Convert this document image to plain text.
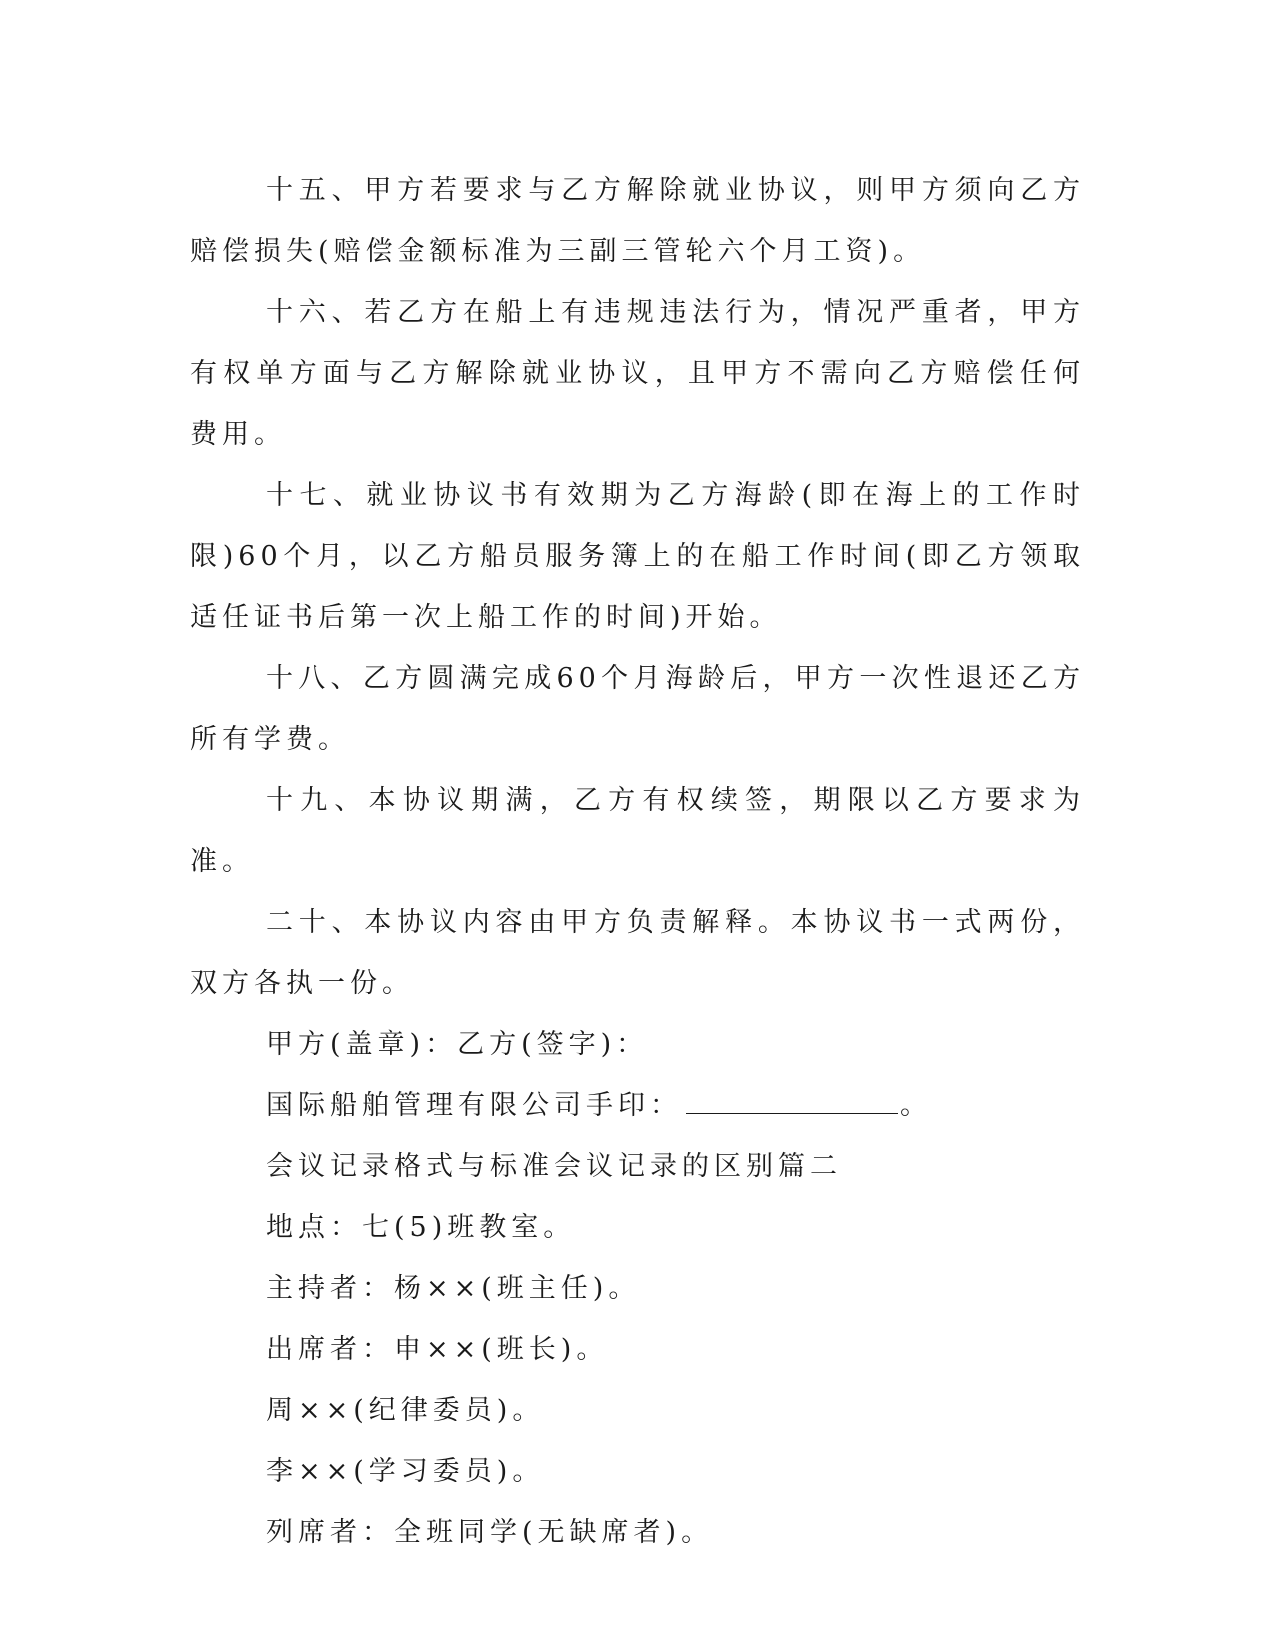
十五、甲方若要求与乙方解除就业协议，则甲方须向乙方赔偿损失(赔偿金额标准为三副三管轮六个月工资)。

十六、若乙方在船上有违规违法行为，情况严重者，甲方有权单方面与乙方解除就业协议，且甲方不需向乙方赔偿任何费用。

十七、就业协议书有效期为乙方海龄(即在海上的工作时限)60个月，以乙方船员服务簿上的在船工作时间(即乙方领取适任证书后第一次上船工作的时间)开始。

十八、乙方圆满完成60个月海龄后，甲方一次性退还乙方所有学费。

十九、本协议期满，乙方有权续签，期限以乙方要求为准。

二十、本协议内容由甲方负责解释。本协议书一式两份，双方各执一份。

甲方(盖章)：乙方(签字)：

国际船舶管理有限公司手印：	。

会议记录格式与标准会议记录的区别篇二

地点：七(5)班教室。

主持者：杨××(班主任)。

出席者：申××(班长)。

周××(纪律委员)。

李××(学习委员)。

列席者：全班同学(无缺席者)。
